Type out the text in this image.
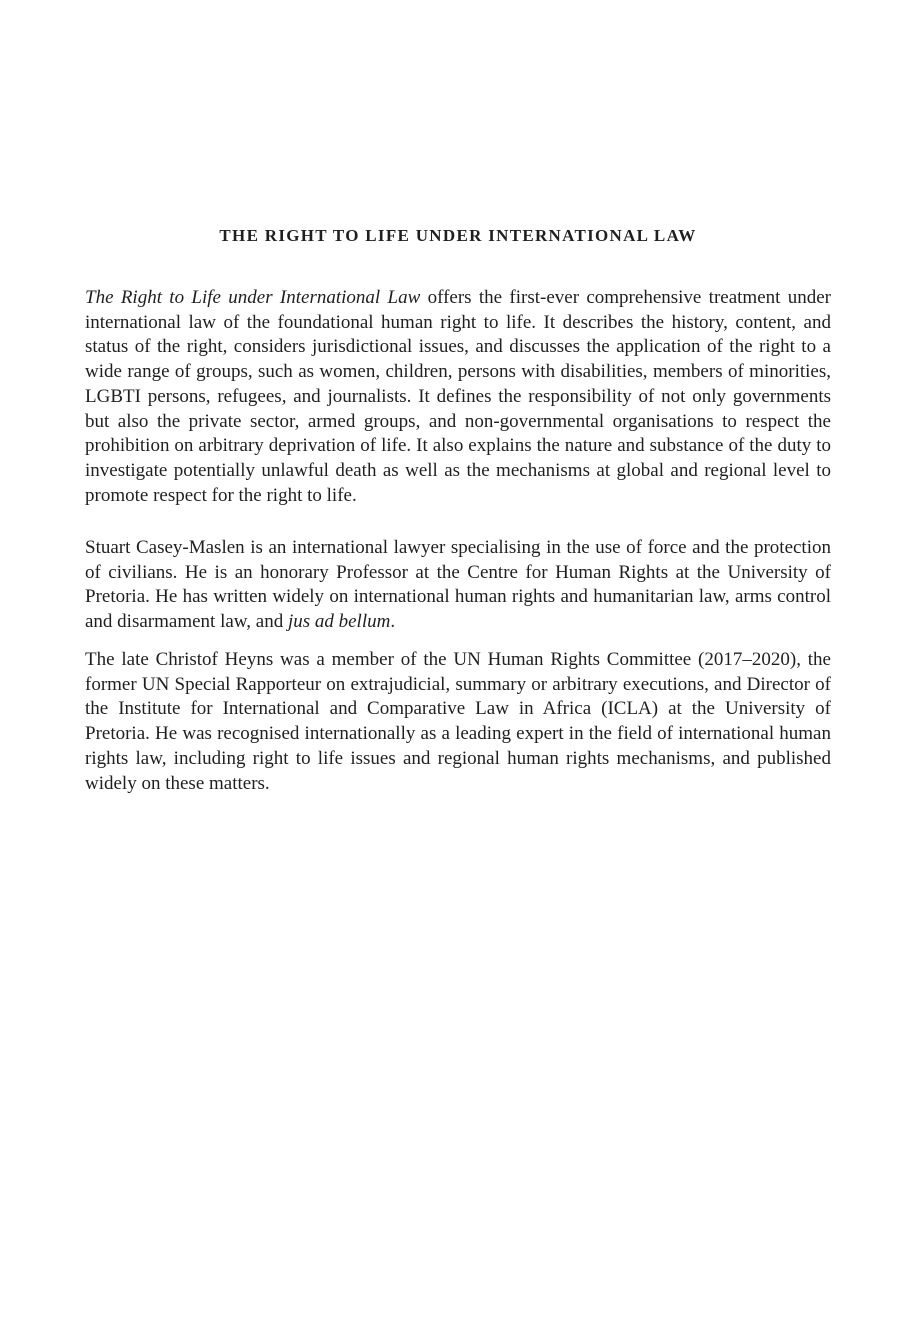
THE RIGHT TO LIFE UNDER INTERNATIONAL LAW

The Right to Life under International Law offers the first-ever comprehensive treatment under international law of the foundational human right to life. It describes the history, content, and status of the right, considers jurisdictional issues, and discusses the application of the right to a wide range of groups, such as women, children, persons with disabilities, members of minorities, LGBTI persons, refugees, and journalists. It defines the responsibility of not only governments but also the private sector, armed groups, and non-governmental organisations to respect the prohibition on arbitrary deprivation of life. It also explains the nature and substance of the duty to investigate potentially unlawful death as well as the mechanisms at global and regional level to promote respect for the right to life.

Stuart Casey-Maslen is an international lawyer specialising in the use of force and the protection of civilians. He is an honorary Professor at the Centre for Human Rights at the University of Pretoria. He has written widely on international human rights and humanitarian law, arms control and disarmament law, and jus ad bellum.

The late Christof Heyns was a member of the UN Human Rights Committee (2017–2020), the former UN Special Rapporteur on extrajudicial, summary or arbitrary executions, and Director of the Institute for International and Comparative Law in Africa (ICLA) at the University of Pretoria. He was recognised internationally as a leading expert in the field of international human rights law, including right to life issues and regional human rights mechanisms, and published widely on these matters.
